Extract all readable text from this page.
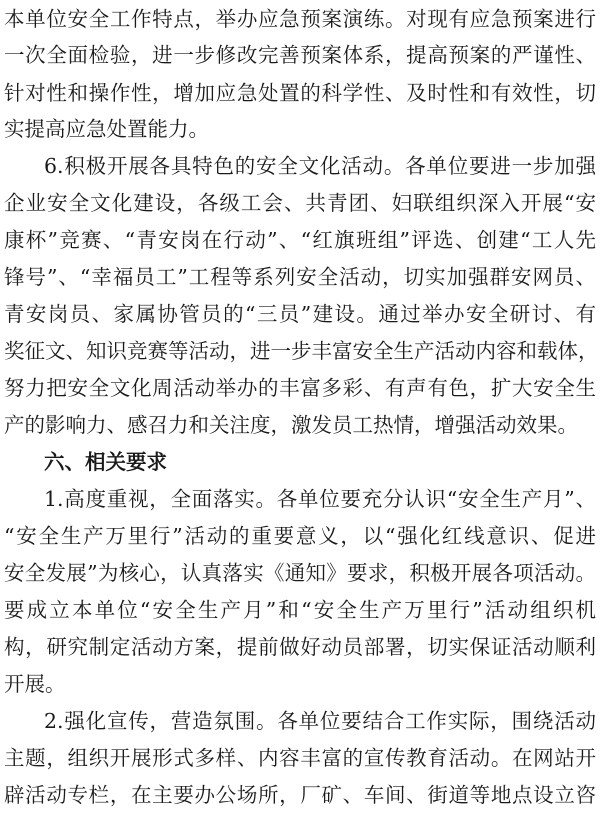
本单位安全工作特点，举办应急预案演练。对现有应急预案进行
一次全面检验，进一步修改完善预案体系，提高预案的严谨性、
针对性和操作性，增加应急处置的科学性、及时性和有效性，切
实提高应急处置能力。
6.积极开展各具特色的安全文化活动。各单位要进一步加强
企业安全文化建设，各级工会、共青团、妇联组织深入开展“安
康杯”竞赛、“青安岗在行动”、“红旗班组”评选、创建“工人先
锋号”、“幸福员工”工程等系列安全活动，切实加强群安网员、
青安岗员、家属协管员的“三员”建设。通过举办安全研讨、有
奖征文、知识竞赛等活动，进一步丰富安全生产活动内容和载体，
努力把安全文化周活动举办的丰富多彩、有声有色，扩大安全生
产的影响力、感召力和关注度，激发员工热情，增强活动效果。
六、相关要求
1.高度重视，全面落实。各单位要充分认识“安全生产月”、
“安全生产万里行”活动的重要意义，以“强化红线意识、促进
安全发展”为核心，认真落实《通知》要求，积极开展各项活动。
要成立本单位“安全生产月”和“安全生产万里行”活动组织机
构，研究制定活动方案，提前做好动员部署，切实保证活动顺利
开展。
2.强化宣传，营造氛围。各单位要结合工作实际，围绕活动
主题，组织开展形式多样、内容丰富的宣传教育活动。在网站开
辟活动专栏，在主要办公场所，厂矿、车间、街道等地点设立咨
